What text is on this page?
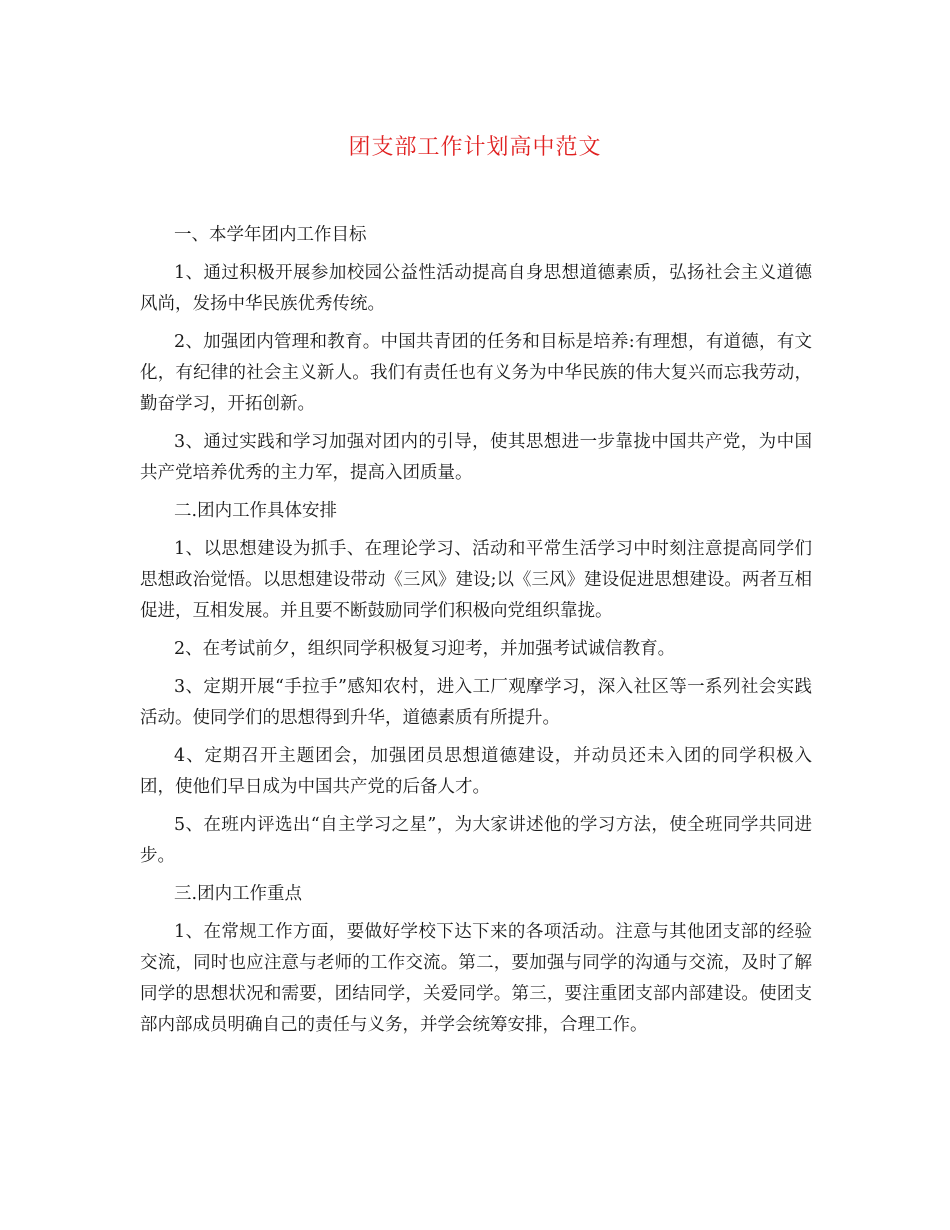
团支部工作计划高中范文

一、本学年团内工作目标

1、通过积极开展参加校园公益性活动提高自身思想道德素质，弘扬社会主义道德风尚，发扬中华民族优秀传统。

2、加强团内管理和教育。中国共青团的任务和目标是培养:有理想，有道德，有文化，有纪律的社会主义新人。我们有责任也有义务为中华民族的伟大复兴而忘我劳动，勤奋学习，开拓创新。

3、通过实践和学习加强对团内的引导，使其思想进一步靠拢中国共产党，为中国共产党培养优秀的主力军，提高入团质量。

二.团内工作具体安排

1、以思想建设为抓手、在理论学习、活动和平常生活学习中时刻注意提高同学们思想政治觉悟。以思想建设带动《三风》建设;以《三风》建设促进思想建设。两者互相促进，互相发展。并且要不断鼓励同学们积极向党组织靠拢。

2、在考试前夕，组织同学积极复习迎考，并加强考试诚信教育。

3、定期开展“手拉手”感知农村，进入工厂观摩学习，深入社区等一系列社会实践活动。使同学们的思想得到升华，道德素质有所提升。

4、定期召开主题团会，加强团员思想道德建设，并动员还未入团的同学积极入团，使他们早日成为中国共产党的后备人才。

5、在班内评选出“自主学习之星”，为大家讲述他的学习方法，使全班同学共同进步。

三.团内工作重点

1、在常规工作方面，要做好学校下达下来的各项活动。注意与其他团支部的经验交流，同时也应注意与老师的工作交流。第二，要加强与同学的沟通与交流，及时了解同学的思想状况和需要，团结同学，关爱同学。第三，要注重团支部内部建设。使团支部内部成员明确自己的责任与义务，并学会统筹安排，合理工作。
